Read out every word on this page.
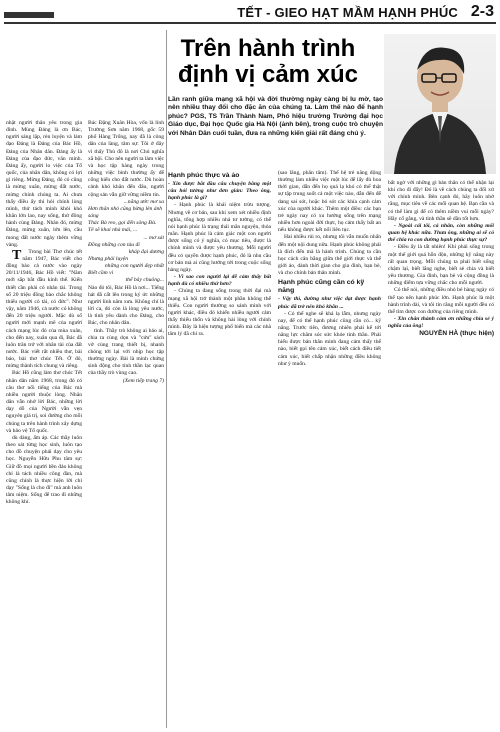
TẾT - GIEO HẠT MẦM HẠNH PHÚC 2-3

nhật người thân yêu trong gia đình. Mùng Đảng là ơn Bác, người sáng lập, rèn luyện và làm đạo Đảng là Đảng của Bác Hồ, Đảng của Nhân dân. Đảng ấy là Đảng của đạo đức, văn minh. Đảng ấy, người lo việc của Tổ quốc, của nhân dân, không có lợi gì riêng. Mừng Đảng, đó có cũng là mừng xuân, mừng đất nước, mừng chính chúng ta. Ai chưa thấy điều ấy thì hỏi chính lòng mình, thử tách mình khỏi khó khăn lớn lao, nay sống, thử đồng hành cùng Đảng. Nhân đó, mừng Đảng, mừng xuân, lớn lên, cầu mong đất nước ngày thêm vững vàng.

T Trong bài Thơ chúc tết năm 1947, Bác viết cho đồng bào cả nước vào ngày 20/11/1946, Bác Hồ viết: "Năm mới sắp bắt đầu kính thể. Kiến thiết cần phải có nhân tài. Trong số 20 triệu đồng bào chắc không thiếu người có tài, có đức". Như vậy, năm 1946, cả nước có không đến 20 triệu người. Mặc dù số người mới mạnh mẽ của người cách mạng lúc đó của mùa xuân, cho đến nay, xuân qua đi, Bác đã luôn trăn trở với nhân tài của đất nước. Bác viết rất nhiều thư, bài báo, bài thơ chúc Tết. Ở đó, mừng thành tích chung và riêng.

Bác Hồ cũng làm thơ chúc Tết nhân dân năm 1968, trong đó có câu thơ nổi tiếng của Bác mà nhiều người thuộc lòng. Nhân dân vẫn nhớ lời Bác, những lời dạy dỗ của Người vẫn vẹn nguyên giá trị, soi đường cho mỗi chúng ta trên hành trình xây dựng và bảo vệ Tổ quốc.

dù dàng, ấm áp. Các thầy luôn theo sát từng học sinh, luôn tạo cho đồ chuyện phải dạy cho yêu học. Nguyễn Hữu Phu tâm sự: Giữ đồ mọi người bền đảo không chỉ là tách nhiều công đàn, mà cũng chính là thực hiện lời chỉ dạy "Sống là cho đi" mà anh luôn tâm niệm. Sống để trao đi những không khí.

Bác Đặng Xuân Hòa, vốn là lính Trường Sơn năm 1968, gốc 59 phố Hàng Trống, nay đã là công dân của làng, tâm sự: Tôi ở đây vì thấy Thủ đô là nơi Chủ nghĩa xã hội. Cho nên người ta làm việc và học tập hàng ngày trong những việc bình thường ấy để cống hiến cho đất nước. Dù hoàn cảnh khó khăn đến đâu, người cộng sản vẫn giữ vững niềm tin.

...nắng ước mơ xa
Hơn thân nhỏ cũng bừng lên ánh sáng
Thác Bà reo, gọi đến sông Đà.
Tê sẽ khai nhà mái, ...
... mơ sát
Đồng những con tàu đi
kháp đại dương
Nhưng phải luyện
những con người đẹp nhất
Biết cầm vì
thế bây chuông...

Nào đó tôi, Bác Hồ là nơi... Tiếng hát đã cất lên trong ký ức những người lính năm xưa. Không chỉ là lời ca, đó còn là lòng yêu nước, là tình yêu dành cho Đảng, cho Bác, cho nhân dân.

tình. Thầy trò không ai bảo ai, chia ra cùng dọn và "cứu" sách vở cùng trang thiết bị, nhanh chóng tới lại với nhịp học tập thường ngày. Bài là minh chứng sinh động cho tinh thần lạc quan của thầy trò vùng cao.

(Xem tiếp trang 7)

Trên hành trình
định vị cảm xúc
Lần ranh giữa mạng xã hội và đời thường ngày càng bị lu mờ, tạo nên nhiều thay đổi cho đặc ăn của chúng ta. Làm thế nào để hạnh phúc? PGS, TS Trần Thành Nam, Phó hiệu trưởng Trường đại học Giáo dục, Đại học Quốc gia Hà Nội (ảnh bên), trong cuộc trò chuyện với Nhân Dân cuối tuần, đưa ra những kiến giải rất đáng chú ý.
Hạnh phúc thực và ảo

- Xin được bắt đầu câu chuyện bằng một câu hỏi tưởng như đơn giản: Theo ông, hạnh phúc là gì?

- Hạnh phúc là khái niệm trừu tượng. Nhưng về cơ bản, sau khi xem xét nhiều định nghĩa, tổng hợp nhiều nhà tư tưởng, có thể nói hạnh phúc là trạng thái mãn nguyện, thỏa mãn. Hạnh phúc là cảm giác một con người được sống có ý nghĩa, có mục tiêu, được là chính mình và được yêu thương. Mỗi người đều có quyền được hạnh phúc, đó là nhu cầu cơ bản mà ai cũng hướng tới trong cuộc sống hàng ngày.

- Vì sao con người lại dễ cảm thấy bất hạnh dù có nhiều thứ hơn?

- Chúng ta đang sống trong thời đại mà mạng xã hội trở thành một phần không thể thiếu. Con người thường so sánh mình với người khác, điều đó khiến nhiều người cảm thấy thiếu thốn và không hài lòng với chính mình. Đây là hiện tượng phổ biến mà các nhà tâm lý đã chỉ ra.

(sao lãng, phân tâm). Thế hệ trẻ năng động thường làm nhiều việc một lúc để lấy đủ hoa thời gian, dẫn đến họ quá lạ khó có thể thật sự tập trung suốt cả một việc nào, dẫn đến để dang sai sót, hoặc bỏ sót các khía cạnh cảm xúc của người khác. Thêm một điều: các bạn trẻ ngày nay có xu hướng sống trên mạng nhiều hơn ngoài đời thực, họ cảm thấy bất an nếu không được kết nối liên tục.

Hai nhiều rủi ro, nhưng tôi vẫn muốn nhấn đến một nội dung nữa. Hạnh phúc không phải là đích đến mà là hành trình. Chúng ta cần học cách cân bằng giữa thế giới thực và thế giới ảo, dành thời gian cho gia đình, bạn bè, và cho chính bản thân mình.

Hạnh phúc cũng cần có kỹ năng

- Vậy thì, đường như việc đạt được hạnh phúc đã trở nên khó khăn ...

- Có thể nghe sẽ khá lạ lẫm, nhưng ngày nay, để có thể hạnh phúc cũng cần có... kỹ năng. Trước tiên, đương nhiên phải kể tới năng lực chăm sóc sức khỏe tinh thần. Phải hiểu được bản thân mình đang cảm thấy thế nào, biết gọi tên cảm xúc, biết cách điều tiết cảm xúc, biết chấp nhận những điều không như ý muốn.

bất ngờ với những gì bản thân có thể nhận lại khi cho đi đấy! Đó là về cách chúng ta đối xử với chính mình. Bên cạnh đó, hãy luôn nhớ rằng, mục tiêu về các mối quan hệ. Bạn cần và có thể làm gì để có thêm niềm vui mỗi ngày? Hãy cố gắng, và tinh thần sẽ dần tốt hơn.

- Ngoài cái tôi, cá nhân, còn những mối quan hệ khác nữa. Thưa ông, những ai sẽ có thể chia ra con đường hạnh phúc thực sự?

- Điều ấy là tất nhiên! Khi phải sống trong một thế giới quá hỗn độn, những kỹ năng này rất quan trọng. Mỗi chúng ta phải biết sống chậm lại, biết lắng nghe, biết sẻ chia và biết yêu thương. Gia đình, bạn bè và cộng đồng là những điểm tựa vững chắc cho mỗi người.

Có thể nói, những điều nhỏ bé hàng ngày có thể tạo nên hạnh phúc lớn. Hạnh phúc là một hành trình dài, và tôi tin rằng mỗi người đều có thể tìm được con đường của riêng mình.

- Xin chân thành cảm ơn những chia sẻ ý nghĩa của ông!

NGUYỄN HÀ (thực hiện)
